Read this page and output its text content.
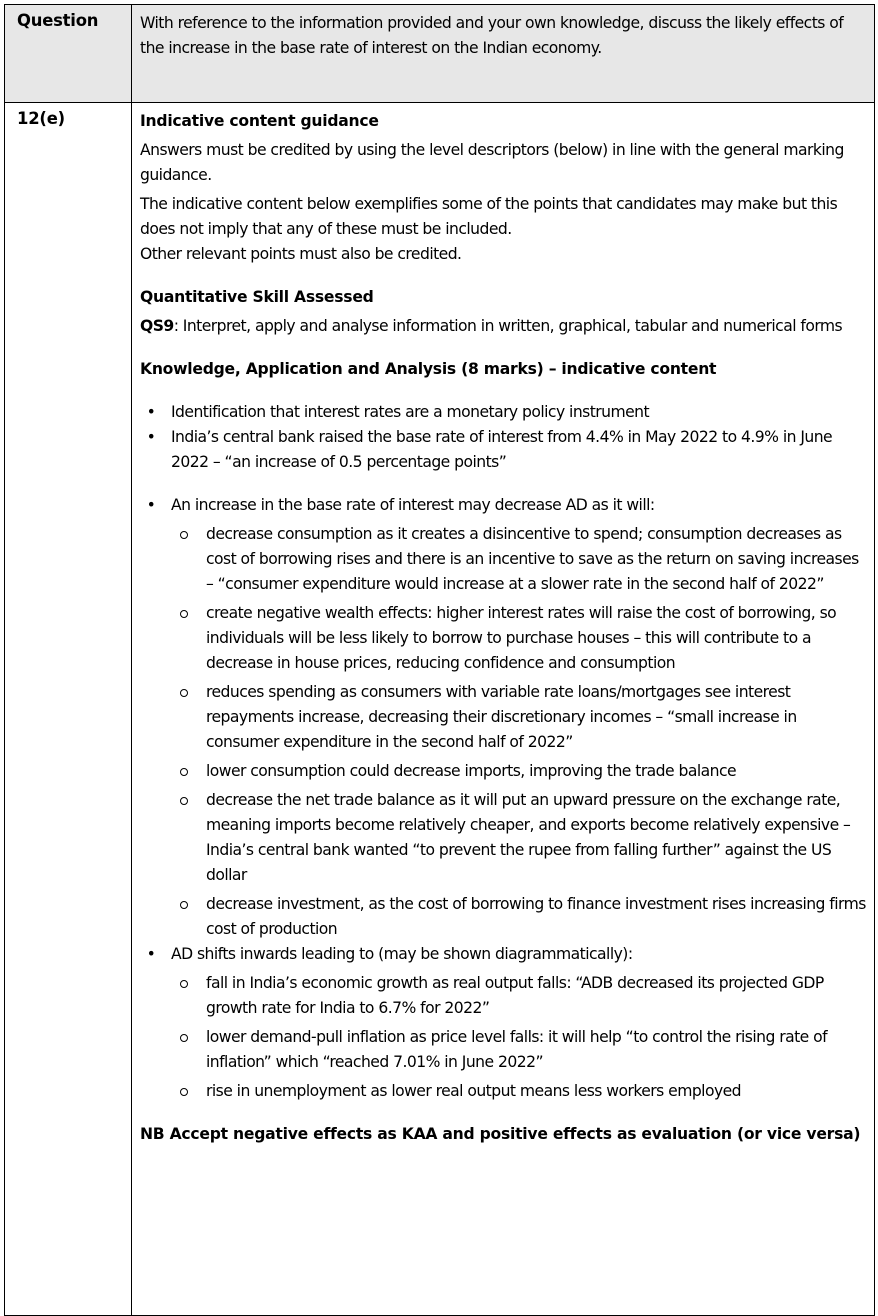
Question	With reference to the information provided and your own knowledge, discuss the likely effects of the increase in the base rate of interest on the Indian economy.

12(e)	Indicative content guidance

Answers must be credited by using the level descriptors (below) in line with the general marking guidance.

The indicative content below exemplifies some of the points that candidates may make but this does not imply that any of these must be included.

Other relevant points must also be credited.

Quantitative Skill Assessed

QS9: Interpret, apply and analyse information in written, graphical, tabular and numerical forms

Knowledge, Application and Analysis (8 marks) – indicative content

• Identification that interest rates are a monetary policy instrument
• India’s central bank raised the base rate of interest from 4.4% in May 2022 to 4.9% in June 2022 – “an increase of 0.5 percentage points”
• An increase in the base rate of interest may decrease AD as it will:
decrease consumption as it creates a disincentive to spend; consumption decreases as cost of borrowing rises and there is an incentive to save as the return on saving increases – “consumer expenditure would increase at a slower rate in the second half of 2022”
create negative wealth effects: higher interest rates will raise the cost of borrowing, so individuals will be less likely to borrow to purchase houses – this will contribute to a decrease in house prices, reducing confidence and consumption
reduces spending as consumers with variable rate loans/mortgages see interest repayments increase, decreasing their discretionary incomes – “small increase in consumer expenditure in the second half of 2022”
lower consumption could decrease imports, improving the trade balance
decrease the net trade balance as it will put an upward pressure on the exchange rate, meaning imports become relatively cheaper, and exports become relatively expensive – India’s central bank wanted “to prevent the rupee from falling further” against the US dollar
decrease investment, as the cost of borrowing to finance investment rises increasing firms cost of production
• AD shifts inwards leading to (may be shown diagrammatically):
fall in India’s economic growth as real output falls: “ADB decreased its projected GDP growth rate for India to 6.7% for 2022”
lower demand-pull inflation as price level falls: it will help “to control the rising rate of inflation” which “reached 7.01% in June 2022”
rise in unemployment as lower real output means less workers employed

NB Accept negative effects as KAA and positive effects as evaluation (or vice versa)
